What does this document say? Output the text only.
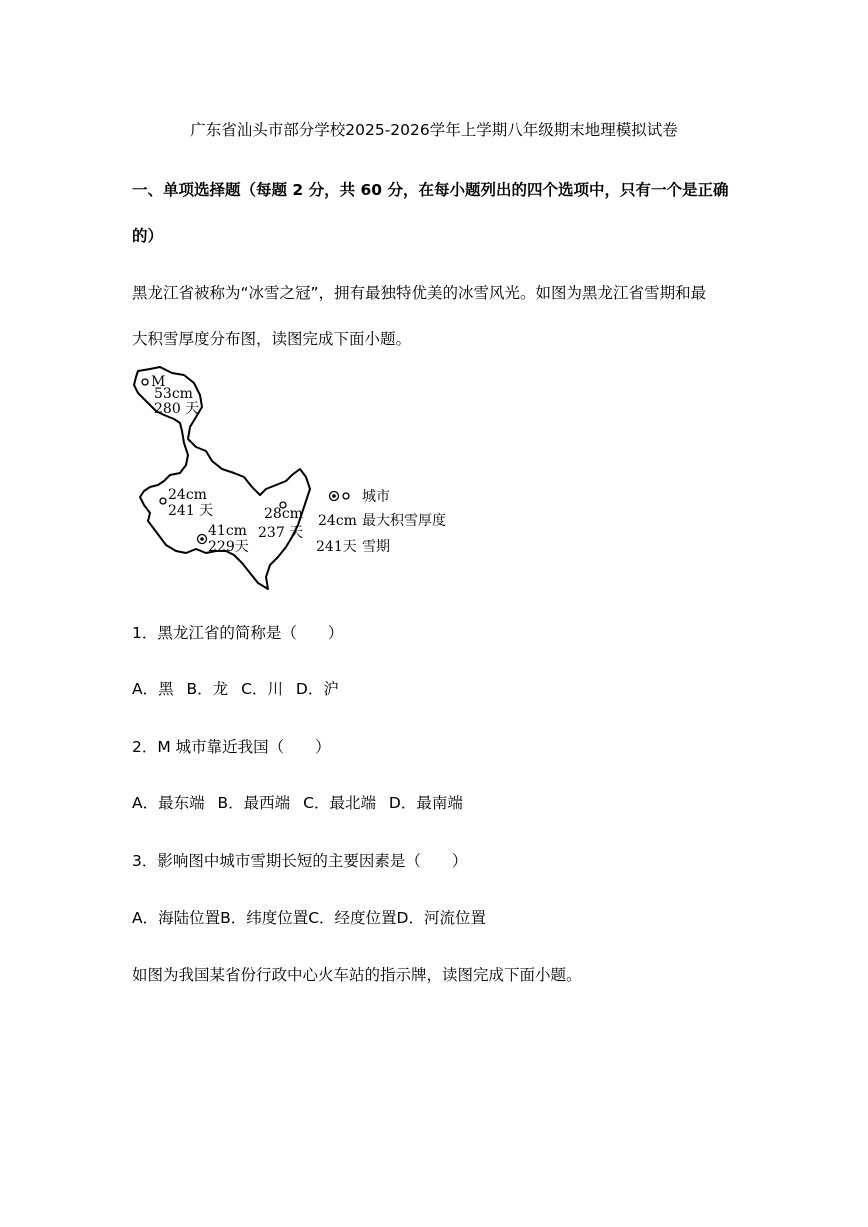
广东省汕头市部分学校2025-2026学年上学期八年级期末地理模拟试卷
一、单项选择题（每题 2 分，共 60 分，在每小题列出的四个选项中，只有一个是正确
的）
黑龙江省被称为“冰雪之冠”，拥有最独特优美的冰雪风光。如图为黑龙江省雪期和最
大积雪厚度分布图，读图完成下面小题。
M
53cm
280 天
24cm
241 天
41cm
229天
28cm
237 天
城市
24cm 最大积雪厚度
241天 雪期
1．黑龙江省的简称是（　　）
A．黑 B．龙 C．川 D．沪
2．M 城市靠近我国（　　）
A．最东端 B．最西端 C．最北端 D．最南端
3．影响图中城市雪期长短的主要因素是（　　）
A．海陆位置B．纬度位置C．经度位置D．河流位置
如图为我国某省份行政中心火车站的指示牌，读图完成下面小题。
